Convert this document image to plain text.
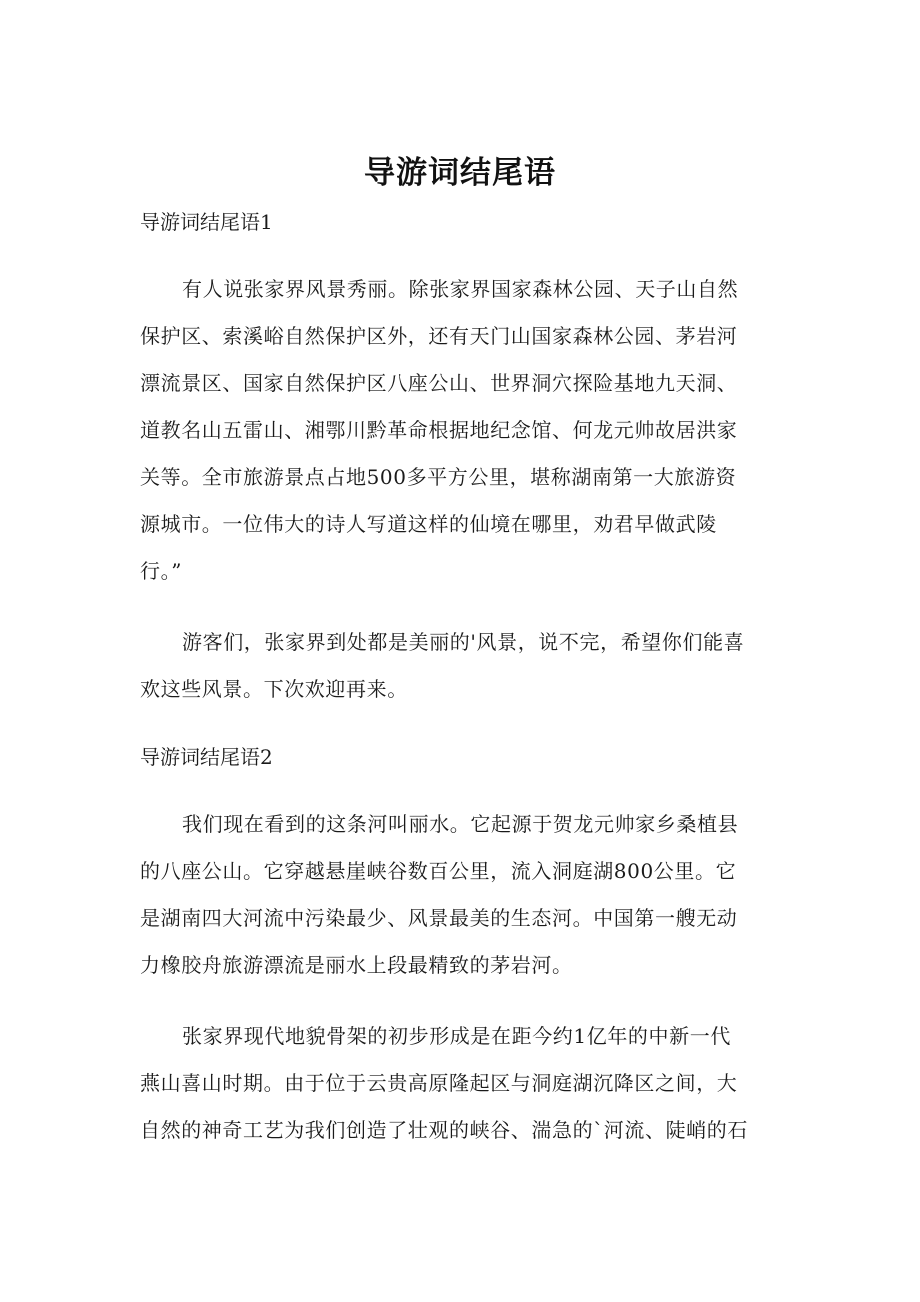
导游词结尾语
导游词结尾语1
有人说张家界风景秀丽。除张家界国家森林公园、天子山自然
保护区、索溪峪自然保护区外，还有天门山国家森林公园、茅岩河
漂流景区、国家自然保护区八座公山、世界洞穴探险基地九天洞、
道教名山五雷山、湘鄂川黔革命根据地纪念馆、何龙元帅故居洪家
关等。全市旅游景点占地500多平方公里，堪称湖南第一大旅游资
源城市。一位伟大的诗人写道这样的仙境在哪里，劝君早做武陵
行。”
游客们，张家界到处都是美丽的'风景，说不完，希望你们能喜
欢这些风景。下次欢迎再来。
导游词结尾语2
我们现在看到的这条河叫丽水。它起源于贺龙元帅家乡桑植县
的八座公山。它穿越悬崖峡谷数百公里，流入洞庭湖800公里。它
是湖南四大河流中污染最少、风景最美的生态河。中国第一艘无动
力橡胶舟旅游漂流是丽水上段最精致的茅岩河。
张家界现代地貌骨架的初步形成是在距今约1亿年的中新一代
燕山喜山时期。由于位于云贵高原隆起区与洞庭湖沉降区之间，大
自然的神奇工艺为我们创造了壮观的峡谷、湍急的`河流、陡峭的石
